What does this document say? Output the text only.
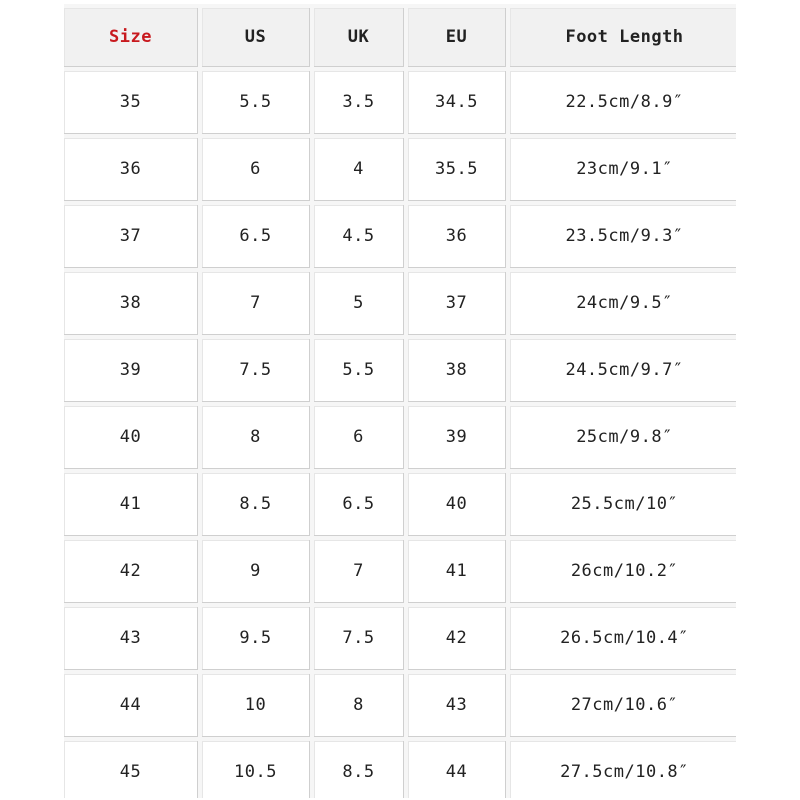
Size	US	UK	EU	Foot Length
35	5.5	3.5	34.5	22.5cm/8.9″
36	6	4	35.5	23cm/9.1″
37	6.5	4.5	36	23.5cm/9.3″
38	7	5	37	24cm/9.5″
39	7.5	5.5	38	24.5cm/9.7″
40	8	6	39	25cm/9.8″
41	8.5	6.5	40	25.5cm/10″
42	9	7	41	26cm/10.2″
43	9.5	7.5	42	26.5cm/10.4″
44	10	8	43	27cm/10.6″
45	10.5	8.5	44	27.5cm/10.8″
